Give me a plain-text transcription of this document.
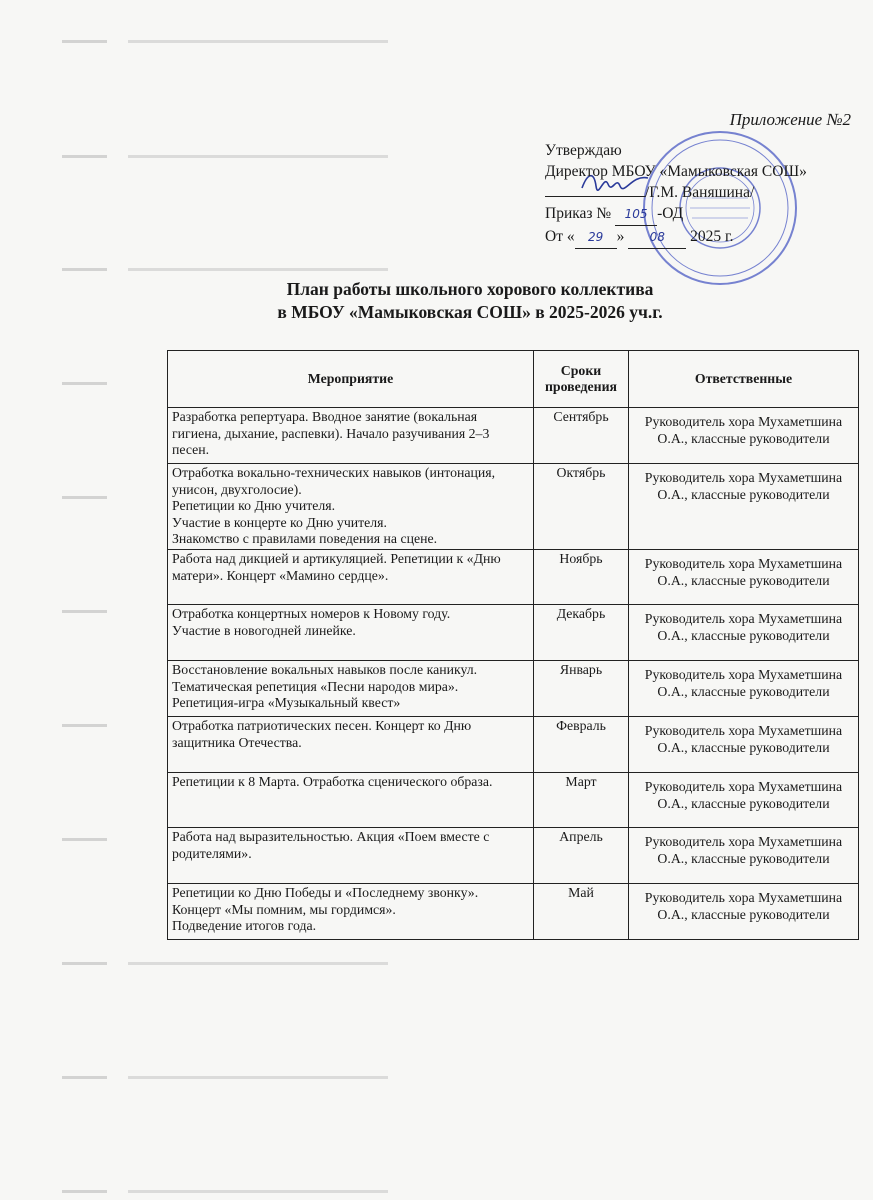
Приложение №2
Утверждаю
Директор МБОУ «Мамыковская СОШ»
/Г.М. Ваняшина/
Приказ № 105 -ОД
От « 29 » 08 2025 г.
План работы школьного хорового коллектива
в МБОУ «Мамыковская СОШ» в 2025-2026 уч.г.
Мероприятие	Сроки проведения	Ответственные

Разработка репертуара. Вводное занятие (вокальная гигиена, дыхание, распевки). Начало разучивания 2–3 песен.	Сентябрь	Руководитель хора Мухаметшина О.А., классные руководители

Отработка вокально-технических навыков (интонация, унисон, двухголосие).
Репетиции ко Дню учителя.
Участие в концерте ко Дню учителя.
Знакомство с правилами поведения на сцене.	Октябрь	Руководитель хора Мухаметшина О.А., классные руководители

Работа над дикцией и артикуляцией. Репетиции к «Дню матери». Концерт «Мамино сердце».	Ноябрь	Руководитель хора Мухаметшина О.А., классные руководители

Отработка концертных номеров к Новому году.
Участие в новогодней линейке.	Декабрь	Руководитель хора Мухаметшина О.А., классные руководители

Восстановление вокальных навыков после каникул.
Тематическая репетиция «Песни народов мира».
Репетиция-игра «Музыкальный квест»	Январь	Руководитель хора Мухаметшина О.А., классные руководители

Отработка патриотических песен. Концерт ко Дню защитника Отечества.	Февраль	Руководитель хора Мухаметшина О.А., классные руководители

Репетиции к 8 Марта. Отработка сценического образа.	Март	Руководитель хора Мухаметшина О.А., классные руководители

Работа над выразительностью. Акция «Поем вместе с родителями».	Апрель	Руководитель хора Мухаметшина О.А., классные руководители

Репетиции ко Дню Победы и «Последнему звонку».
Концерт «Мы помним, мы гордимся».
Подведение итогов года.	Май	Руководитель хора Мухаметшина О.А., классные руководители
